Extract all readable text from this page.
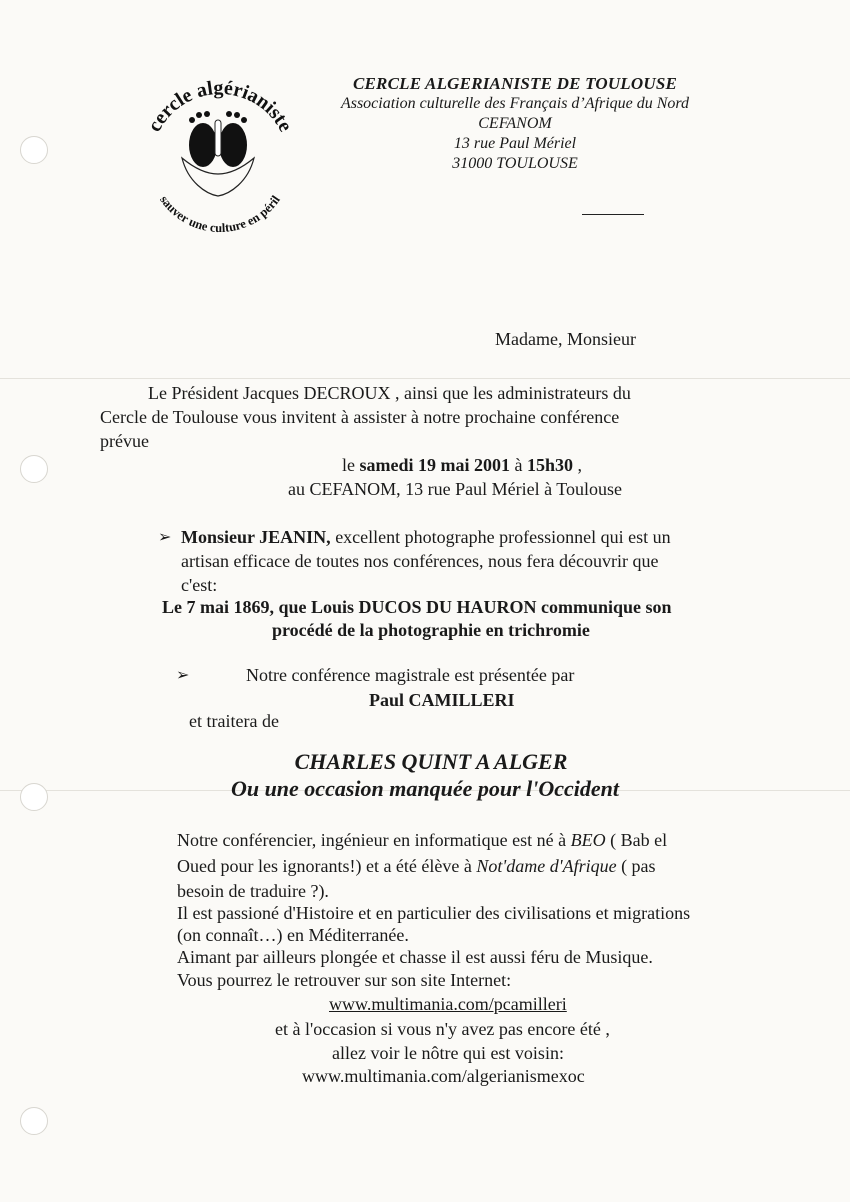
cercle algérianiste
sauver une culture en péril
CERCLE ALGERIANISTE DE TOULOUSE
Association culturelle des Français d’Afrique du Nord
CEFANOM
13 rue Paul Mériel
31000 TOULOUSE
Madame, Monsieur
Le Président Jacques DECROUX , ainsi que les administrateurs du
Cercle de Toulouse vous invitent à assister à notre prochaine conférence
prévue
le samedi 19 mai 2001 à 15h30 ,
au CEFANOM, 13 rue Paul Mériel à Toulouse
➢ Monsieur JEANIN, excellent photographe professionnel qui est un
artisan efficace de toutes nos conférences, nous fera découvrir que
c'est:
Le 7 mai 1869, que Louis DUCOS DU HAURON communique son
procédé de la photographie en trichromie
➢	Notre conférence magistrale est présentée par
Paul CAMILLERI
et traitera de
CHARLES QUINT A ALGER
Ou une occasion manquée pour l'Occident
Notre conférencier, ingénieur en informatique est né à BEO ( Bab el
Oued pour les ignorants!) et a été élève à Not'dame d'Afrique ( pas
besoin de traduire ?).
Il est passioné d'Histoire et en particulier des civilisations et migrations
(on connaît…) en Méditerranée.
Aimant par ailleurs plongée et chasse il est aussi féru de Musique.
Vous pourrez le retrouver sur son site Internet:
www.multimania.com/pcamilleri
et à l'occasion si vous n'y avez pas encore été ,
allez voir le nôtre qui est voisin:
www.multimania.com/algerianismexoc
